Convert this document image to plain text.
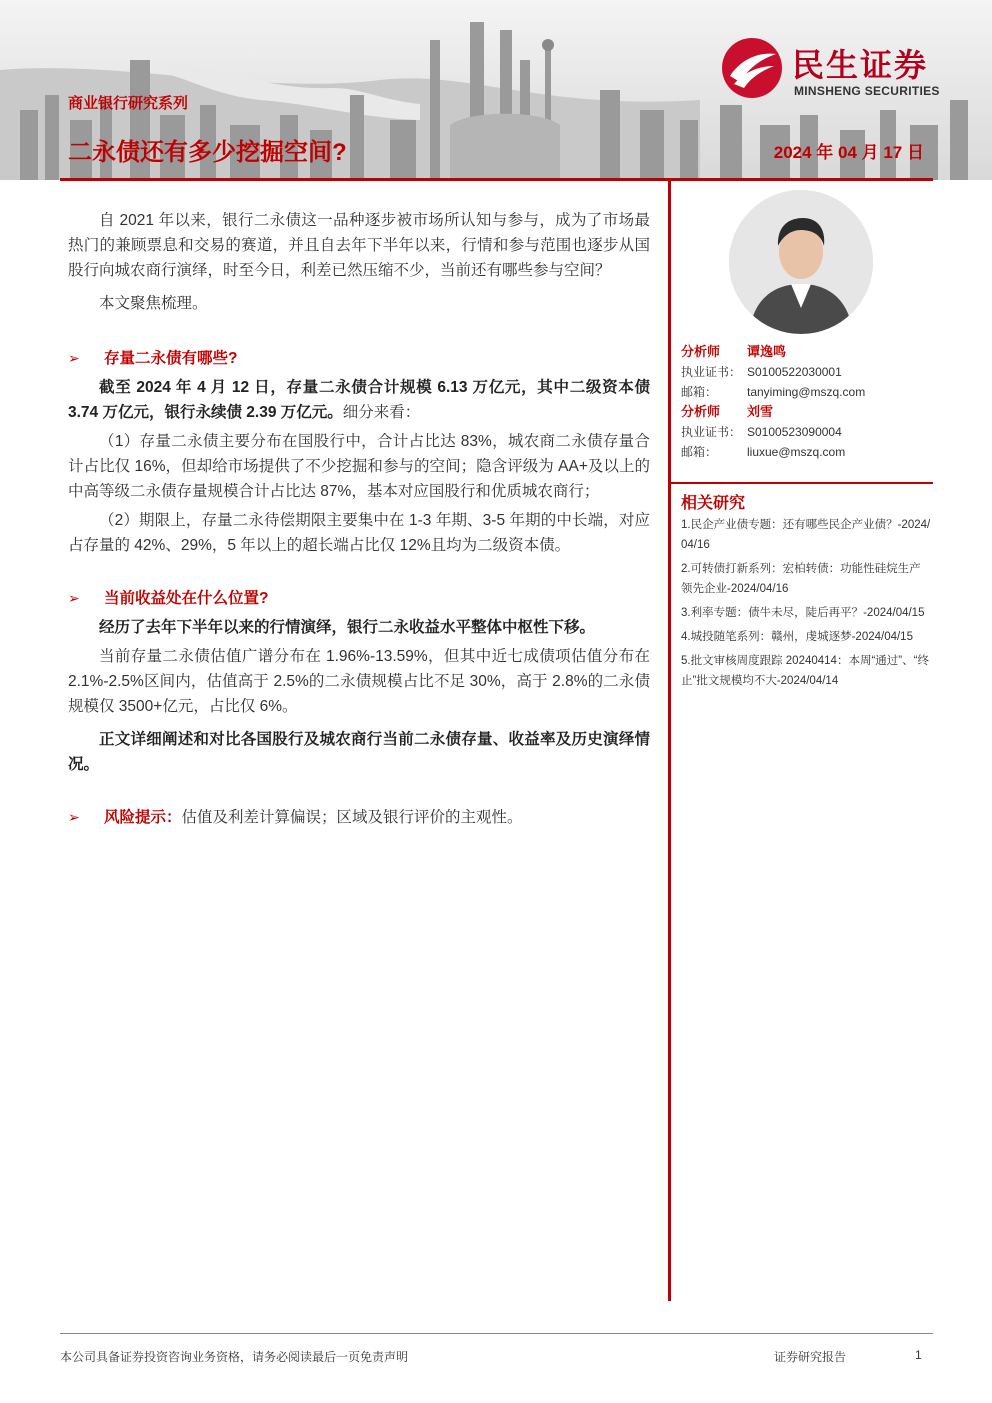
民生证券
MINSHENG SECURITIES
商业银行研究系列
二永债还有多少挖掘空间?	2024 年 04 月 17 日

自 2021 年以来，银行二永债这一品种逐步被市场所认知与参与，成为了市场最热门的兼顾票息和交易的赛道，并且自去年下半年以来，行情和参与范围也逐步从国股行向城农商行演绎，时至今日，利差已然压缩不少，当前还有哪些参与空间？

本文聚焦梳理。

➢ 存量二永债有哪些?

截至 2024 年 4 月 12 日，存量二永债合计规模 6.13 万亿元，其中二级资本债 3.74 万亿元，银行永续债 2.39 万亿元。细分来看：

（1）存量二永债主要分布在国股行中，合计占比达 83%，城农商二永债存量合计占比仅 16%，但却给市场提供了不少挖掘和参与的空间；隐含评级为 AA+及以上的中高等级二永债存量规模合计占比达 87%，基本对应国股行和优质城农商行；

（2）期限上，存量二永待偿期限主要集中在 1-3 年期、3-5 年期的中长端，对应占存量的 42%、29%，5 年以上的超长端占比仅 12%且均为二级资本债。

➢ 当前收益处在什么位置?

经历了去年下半年以来的行情演绎，银行二永收益水平整体中枢性下移。

当前存量二永债估值广谱分布在 1.96%-13.59%，但其中近七成债项估值分布在 2.1%-2.5%区间内，估值高于 2.5%的二永债规模占比不足 30%，高于 2.8%的二永债规模仅 3500+亿元，占比仅 6%。

正文详细阐述和对比各国股行及城农商行当前二永债存量、收益率及历史演绎情况。

➢ 风险提示：估值及利差计算偏误；区域及银行评价的主观性。
分析师	谭逸鸣
执业证书： S0100522030001
邮箱：	tanyiming@mszq.com
分析师	刘雪
执业证书： S0100523090004
邮箱：	liuxue@mszq.com
相关研究
1.民企产业债专题：还有哪些民企产业债？-2024/04/16
2.可转债打新系列：宏柏转债：功能性硅烷生产领先企业-2024/04/16
3.利率专题：债牛未尽，陡后再平？-2024/04/15
4.城投随笔系列：赣州，虔城逐梦-2024/04/15
5.批文审核周度跟踪 20240414：本周“通过”、“终止”批文规模均不大-2024/04/14
本公司具备证券投资咨询业务资格，请务必阅读最后一页免责声明	证券研究报告	1
